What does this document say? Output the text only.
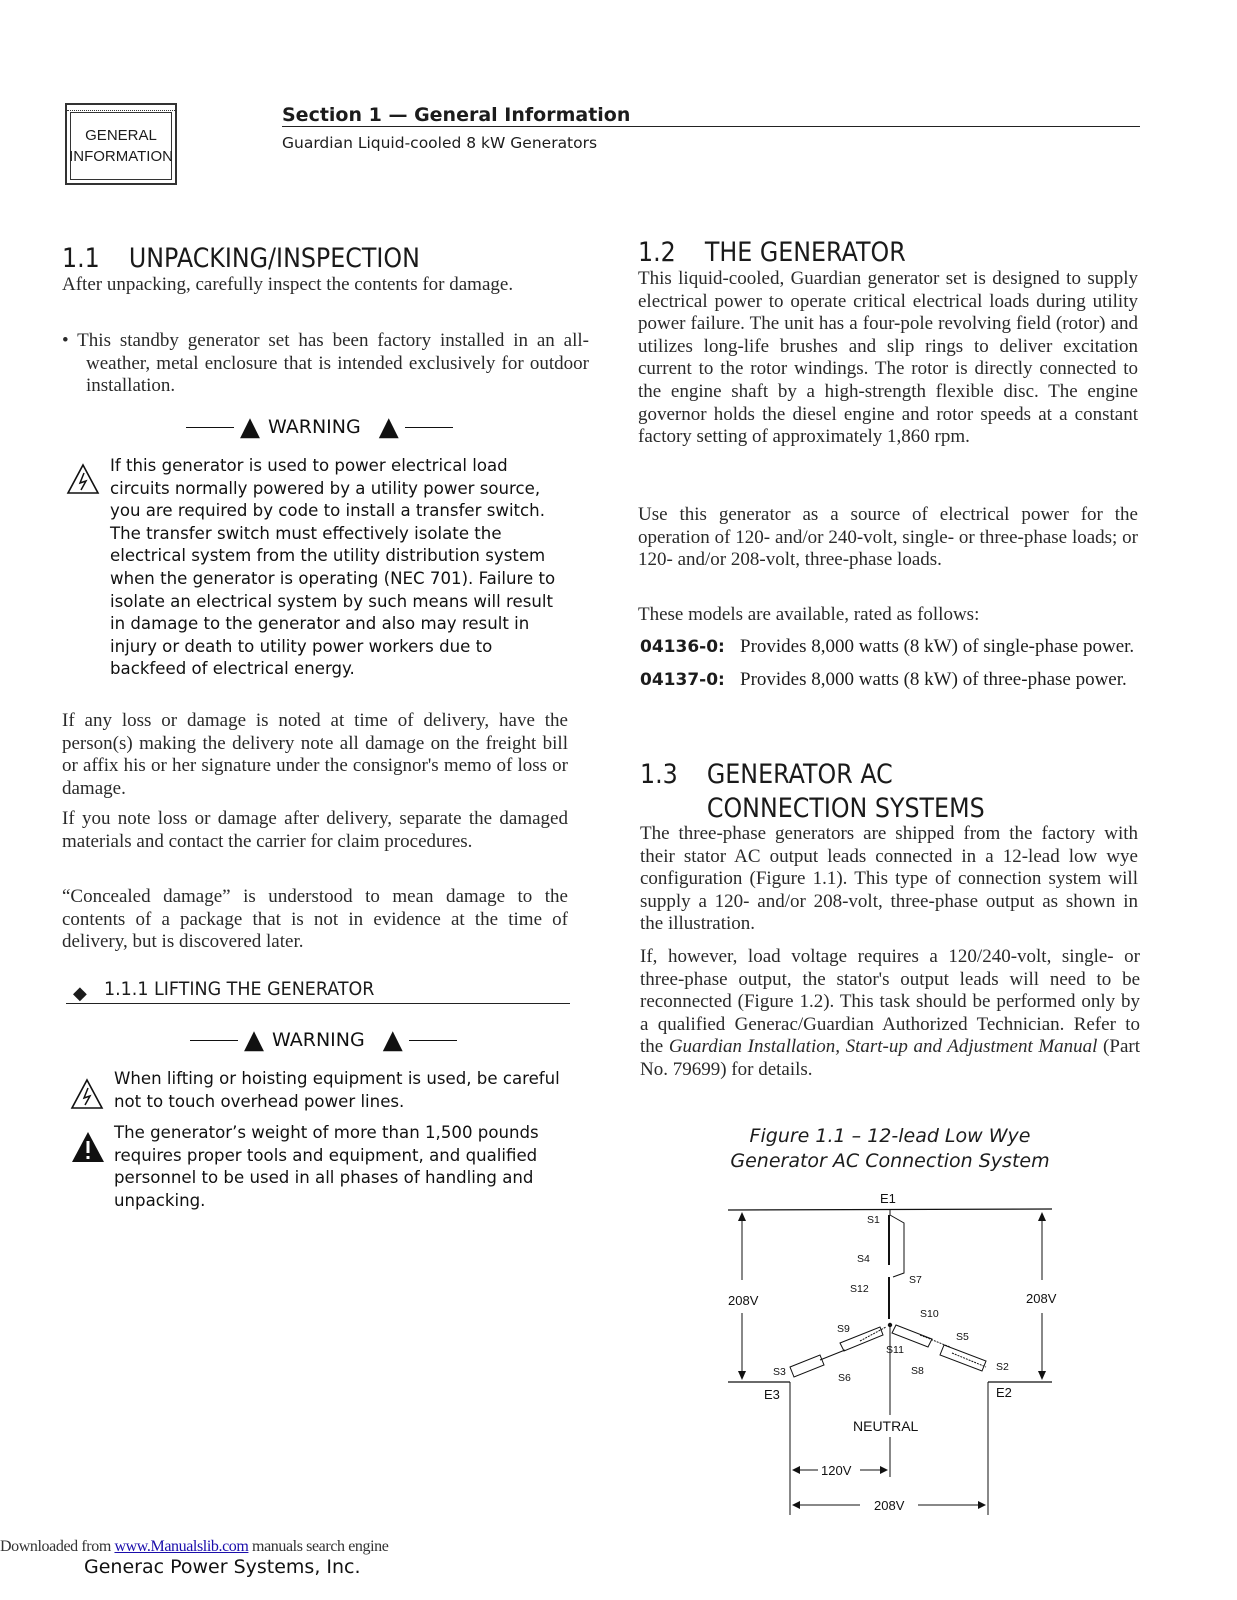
GENERAL
INFORMATION
Section 1 — General Information
Guardian Liquid-cooled 8 kW Generators
1.1 UNPACKING/INSPECTION
After unpacking, carefully inspect the contents for damage.
• This standby generator set has been factory installed in an all-weather, metal enclosure that is intended exclusively for outdoor installation.
▲ WARNING ▲
If this generator is used to power electrical load circuits normally powered by a utility power source, you are required by code to install a transfer switch. The transfer switch must effectively isolate the electrical system from the utility distribution system when the generator is operating (NEC 701). Failure to isolate an electrical system by such means will result in damage to the generator and also may result in injury or death to utility power workers due to backfeed of electrical energy.
If any loss or damage is noted at time of delivery, have the person(s) making the delivery note all damage on the freight bill or affix his or her signature under the consignor's memo of loss or damage.
If you note loss or damage after delivery, separate the damaged materials and contact the carrier for claim procedures.
“Concealed damage” is understood to mean damage to the contents of a package that is not in evidence at the time of delivery, but is discovered later.
◆ 1.1.1 LIFTING THE GENERATOR
▲ WARNING ▲
When lifting or hoisting equipment is used, be careful not to touch overhead power lines.
The generator’s weight of more than 1,500 pounds requires proper tools and equipment, and qualified personnel to be used in all phases of handling and unpacking.
1.2 THE GENERATOR
This liquid-cooled, Guardian generator set is designed to supply electrical power to operate critical electrical loads during utility power failure. The unit has a four-pole revolving field (rotor) and utilizes long-life brushes and slip rings to deliver excitation current to the rotor windings. The rotor is directly connected to the engine shaft by a high-strength flexible disc. The engine governor holds the diesel engine and rotor speeds at a constant factory setting of approximately 1,860 rpm.
Use this generator as a source of electrical power for the operation of 120- and/or 240-volt, single- or three-phase loads; or 120- and/or 208-volt, three-phase loads.
These models are available, rated as follows:
04136-0: Provides 8,000 watts (8 kW) of single-phase power.
04137-0: Provides 8,000 watts (8 kW) of three-phase power.
1.3 GENERATOR AC
CONNECTION SYSTEMS
The three-phase generators are shipped from the factory with their stator AC output leads connected in a 12-lead low wye configuration (Figure 1.1). This type of connection system will supply a 120- and/or 208-volt, three-phase output as shown in the illustration.
If, however, load voltage requires a 120/240-volt, single- or three-phase output, the stator's output leads will need to be reconnected (Figure 1.2). This task should be performed only by a qualified Generac/Guardian Authorized Technician. Refer to the Guardian Installation, Start-up and Adjustment Manual (Part No. 79699) for details.
Figure 1.1 – 12-lead Low Wye
Generator AC Connection System
E1
S1
S4
S7
S12
S10
S9
S5
S11
S3	S6
S8	S2
E3	E2
208V	208V
NEUTRAL
120V
208V
Downloaded from www.Manualslib.com manuals search engine
Generac Power Systems, Inc.
